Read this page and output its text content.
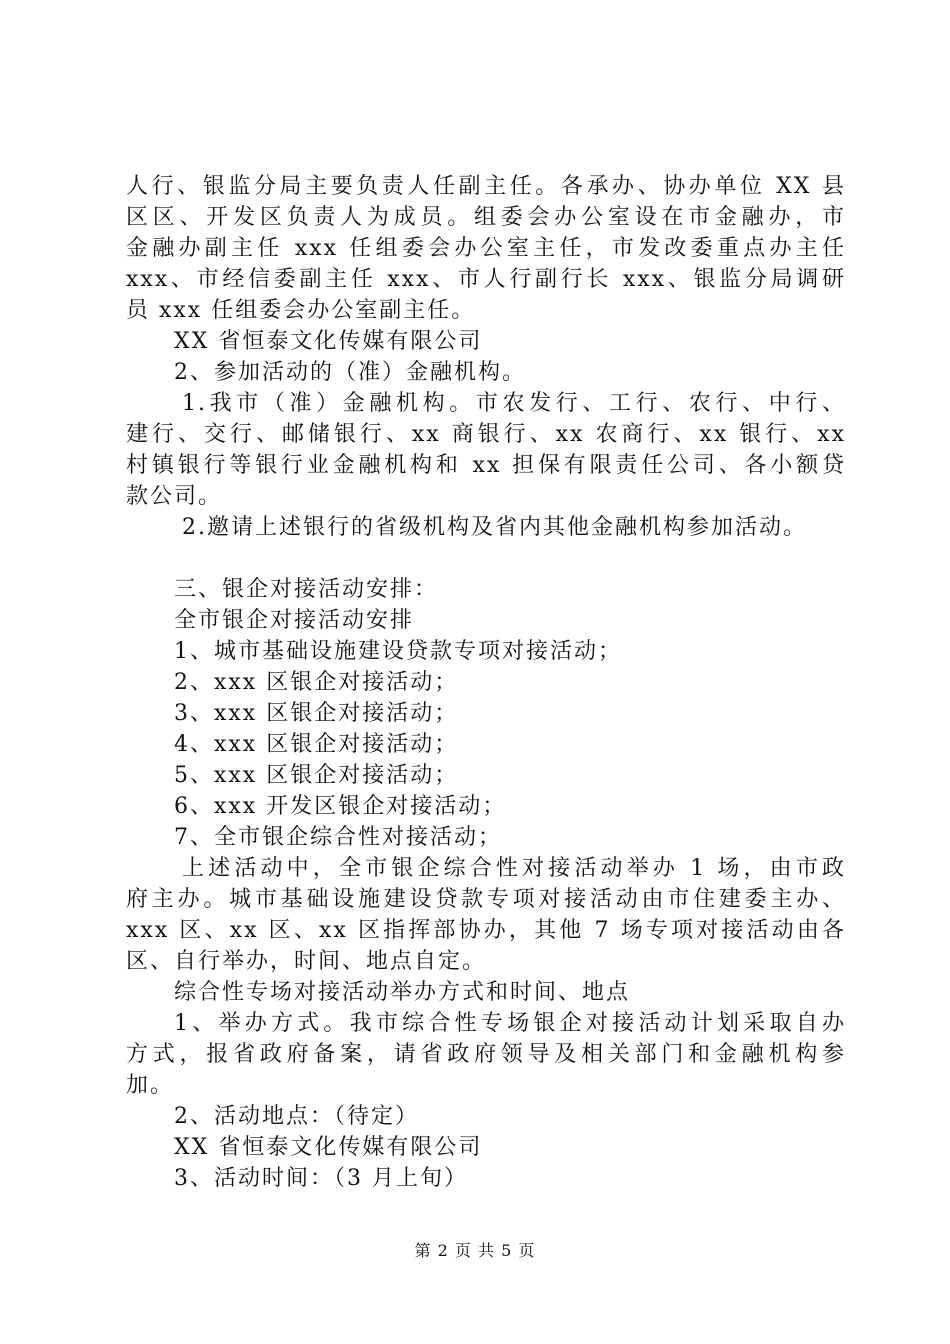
人行、银监分局主要负责人任副主任。各承办、协办单位 XX 县

区区、开发区负责人为成员。组委会办公室设在市金融办，市

金融办副主任 xxx 任组委会办公室主任，市发改委重点办主任

xxx、市经信委副主任 xxx、市人行副行长 xxx、银监分局调研

员 xxx 任组委会办公室副主任。

XX 省恒泰文化传媒有限公司

2、参加活动的（准）金融机构。

1.我市（准）金融机构。市农发行、工行、农行、中行、

建行、交行、邮储银行、xx 商银行、xx 农商行、xx 银行、xx

村镇银行等银行业金融机构和 xx 担保有限责任公司、各小额贷

款公司。

2.邀请上述银行的省级机构及省内其他金融机构参加活动。

三、银企对接活动安排：

全市银企对接活动安排

1、城市基础设施建设贷款专项对接活动；

2、xxx 区银企对接活动；

3、xxx 区银企对接活动；

4、xxx 区银企对接活动；

5、xxx 区银企对接活动；

6、xxx 开发区银企对接活动；

7、全市银企综合性对接活动；

上述活动中，全市银企综合性对接活动举办 1 场，由市政

府主办。城市基础设施建设贷款专项对接活动由市住建委主办、

xxx 区、xx 区、xx 区指挥部协办，其他 7 场专项对接活动由各

区、自行举办，时间、地点自定。

综合性专场对接活动举办方式和时间、地点

1、举办方式。我市综合性专场银企对接活动计划采取自办

方式，报省政府备案，请省政府领导及相关部门和金融机构参

加。

2、活动地点：（待定）

XX 省恒泰文化传媒有限公司

3、活动时间：（3 月上旬）

第 2 页 共 5 页
